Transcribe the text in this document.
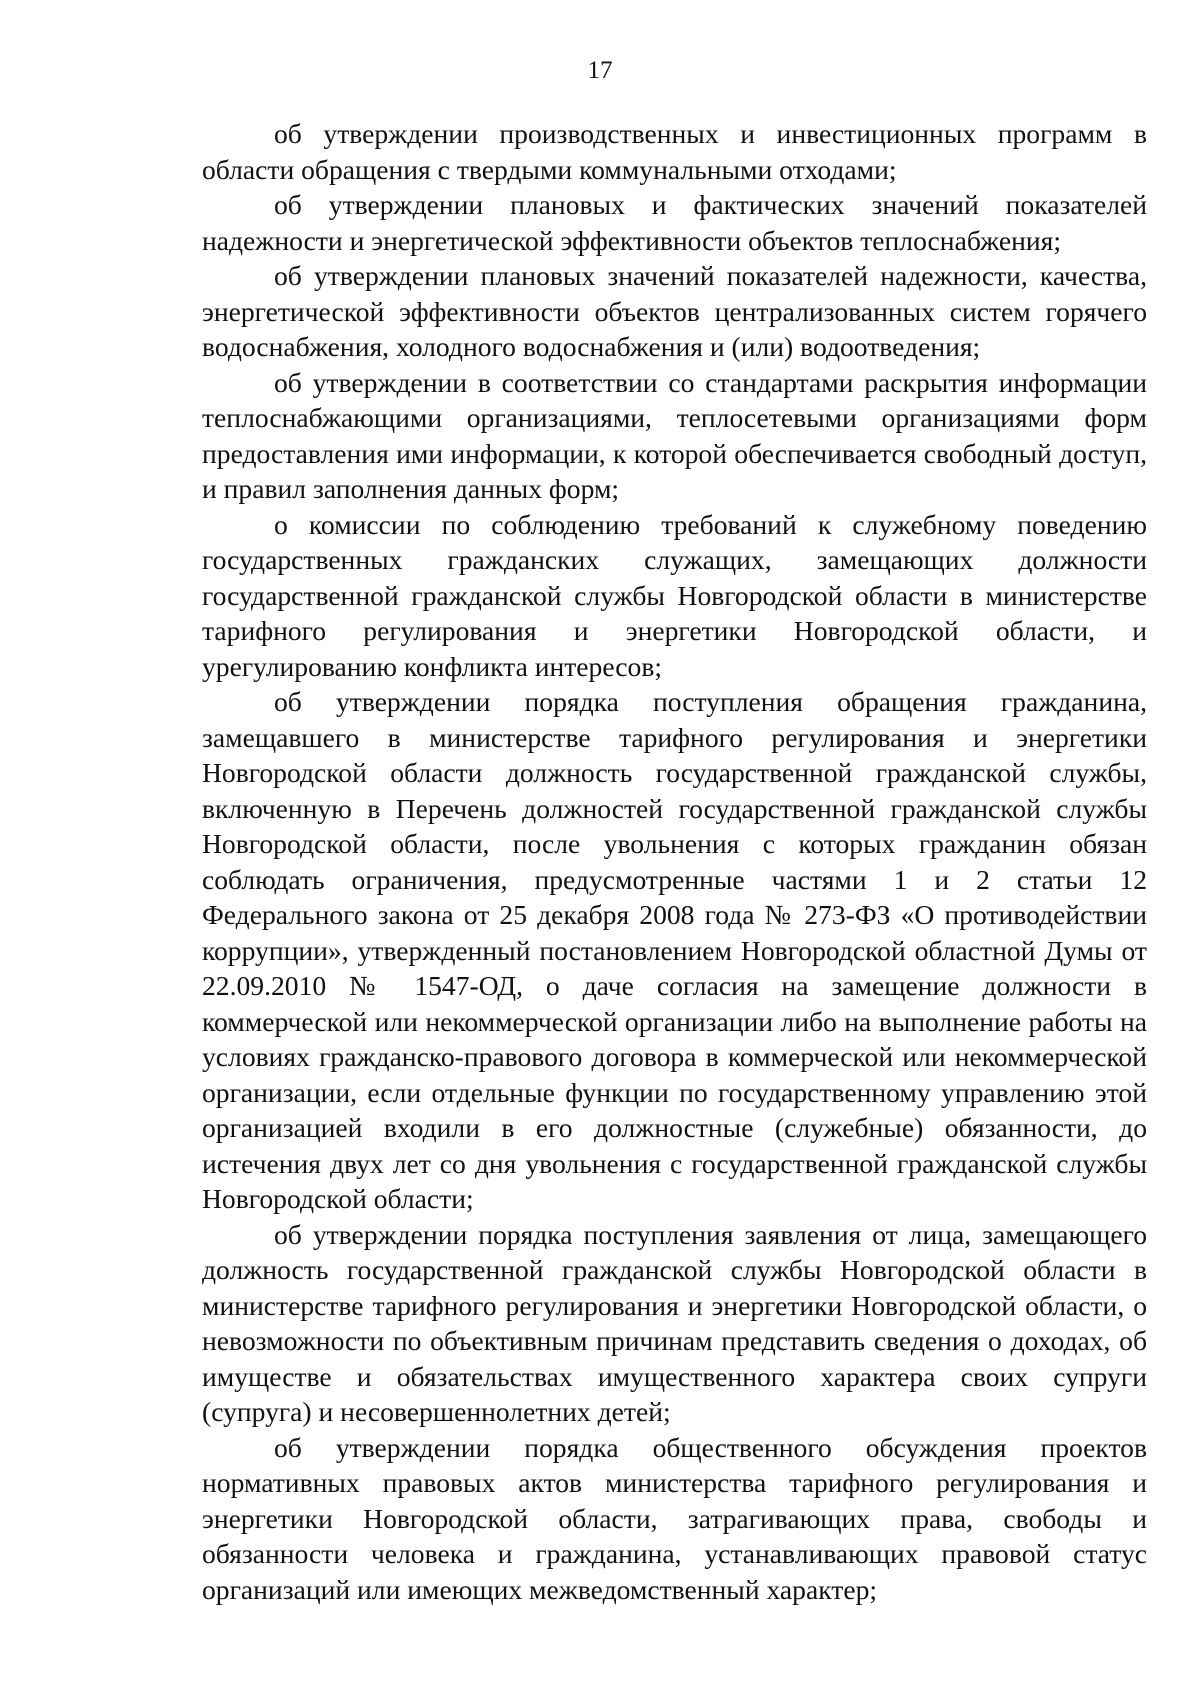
17

об утверждении производственных и инвестиционных программ в области обращения с твердыми коммунальными отходами;

об утверждении плановых и фактических значений показателей надежности и энергетической эффективности объектов теплоснабжения;

об утверждении плановых значений показателей надежности, качества, энергетической эффективности объектов централизованных систем горячего водоснабжения, холодного водоснабжения и (или) водоотведения;

об утверждении в соответствии со стандартами раскрытия информации теплоснабжающими организациями, теплосетевыми организациями форм предоставления ими информации, к которой обеспечивается свободный доступ, и правил заполнения данных форм;

о комиссии по соблюдению требований к служебному поведению государственных гражданских служащих, замещающих должности государственной гражданской службы Новгородской области в министерстве тарифного регулирования и энергетики Новгородской области, и урегулированию конфликта интересов;

об утверждении порядка поступления обращения гражданина, замещавшего в министерстве тарифного регулирования и энергетики Новгородской области должность государственной гражданской службы, включенную в Перечень должностей государственной гражданской службы Новгородской области, после увольнения с которых гражданин обязан соблюдать ограничения, предусмотренные частями 1 и 2 статьи 12 Федерального закона от 25 декабря 2008 года № 273-ФЗ «О противодействии коррупции», утвержденный постановлением Новгородской областной Думы от 22.09.2010 № 1547-ОД, о даче согласия на замещение должности в коммерческой или некоммерческой организации либо на выполнение работы на условиях гражданско-правового договора в коммерческой или некоммерческой организации, если отдельные функции по государственному управлению этой организацией входили в его должностные (служебные) обязанности, до истечения двух лет со дня увольнения с государственной гражданской службы Новгородской области;

об утверждении порядка поступления заявления от лица, замещающего должность государственной гражданской службы Новгородской области в министерстве тарифного регулирования и энергетики Новгородской области, о невозможности по объективным причинам представить сведения о доходах, об имуществе и обязательствах имущественного характера своих супруги (супруга) и несовершеннолетних детей;

об утверждении порядка общественного обсуждения проектов нормативных правовых актов министерства тарифного регулирования и энергетики Новгородской области, затрагивающих права, свободы и обязанности человека и гражданина, устанавливающих правовой статус организаций или имеющих межведомственный характер;
